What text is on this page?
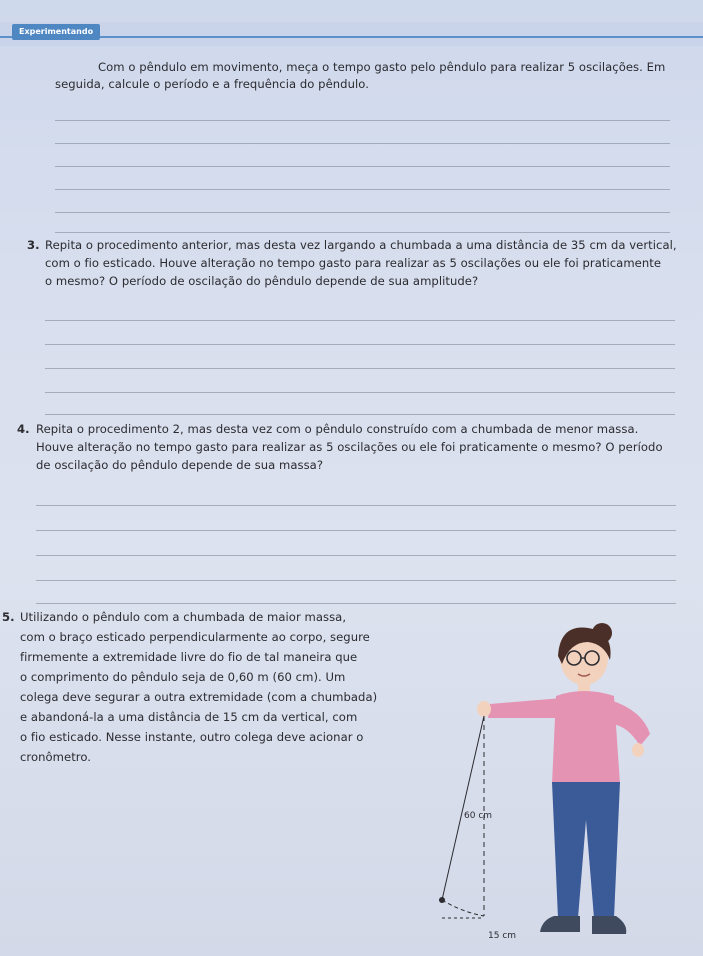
Experimentando
Com o pêndulo em movimento, meça o tempo gasto pelo pêndulo para realizar 5 oscilações. Em
seguida, calcule o período e a frequência do pêndulo.
3. Repita o procedimento anterior, mas desta vez largando a chumbada a uma distância de 35 cm da vertical,
com o fio esticado. Houve alteração no tempo gasto para realizar as 5 oscilações ou ele foi praticamente
o mesmo? O período de oscilação do pêndulo depende de sua amplitude?
4. Repita o procedimento 2, mas desta vez com o pêndulo construído com a chumbada de menor massa.
Houve alteração no tempo gasto para realizar as 5 oscilações ou ele foi praticamente o mesmo? O período
de oscilação do pêndulo depende de sua massa?
5. Utilizando o pêndulo com a chumbada de maior massa,
com o braço esticado perpendicularmente ao corpo, segure
firmemente a extremidade livre do fio de tal maneira que
o comprimento do pêndulo seja de 0,60 m (60 cm). Um
colega deve segurar a outra extremidade (com a chumbada)
e abandoná-la a uma distância de 15 cm da vertical, com
o fio esticado. Nesse instante, outro colega deve acionar o
cronômetro.
60 cm
15 cm
